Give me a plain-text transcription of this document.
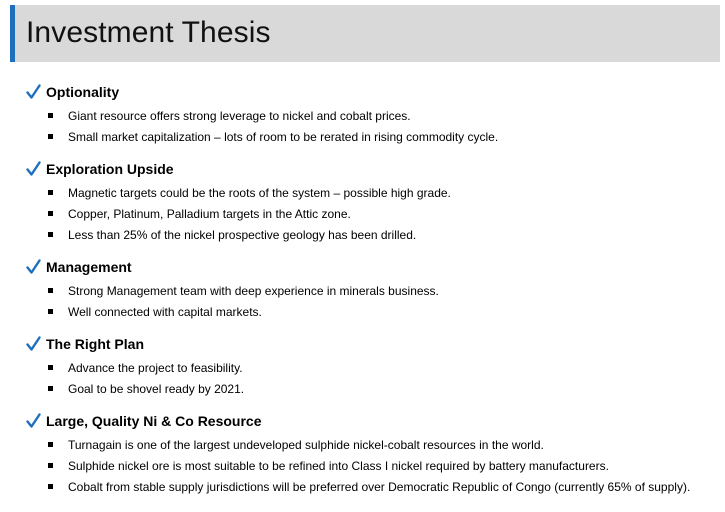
Investment Thesis
Optionality
Giant resource offers strong leverage to nickel and cobalt prices.
Small market capitalization – lots of room to be rerated in rising commodity cycle.
Exploration Upside
Magnetic targets could be the roots of the system – possible high grade.
Copper, Platinum, Palladium targets in the Attic zone.
Less than 25% of the nickel prospective geology has been drilled.
Management
Strong Management team with deep experience in minerals business.
Well connected with capital markets.
The Right Plan
Advance the project to feasibility.
Goal to be shovel ready by 2021.
Large, Quality Ni & Co Resource
Turnagain is one of the largest undeveloped sulphide nickel-cobalt resources in the world.
Sulphide nickel ore is most suitable to be refined into Class I nickel required by battery manufacturers.
Cobalt from stable supply jurisdictions will be preferred over Democratic Republic of Congo (currently 65% of supply).
